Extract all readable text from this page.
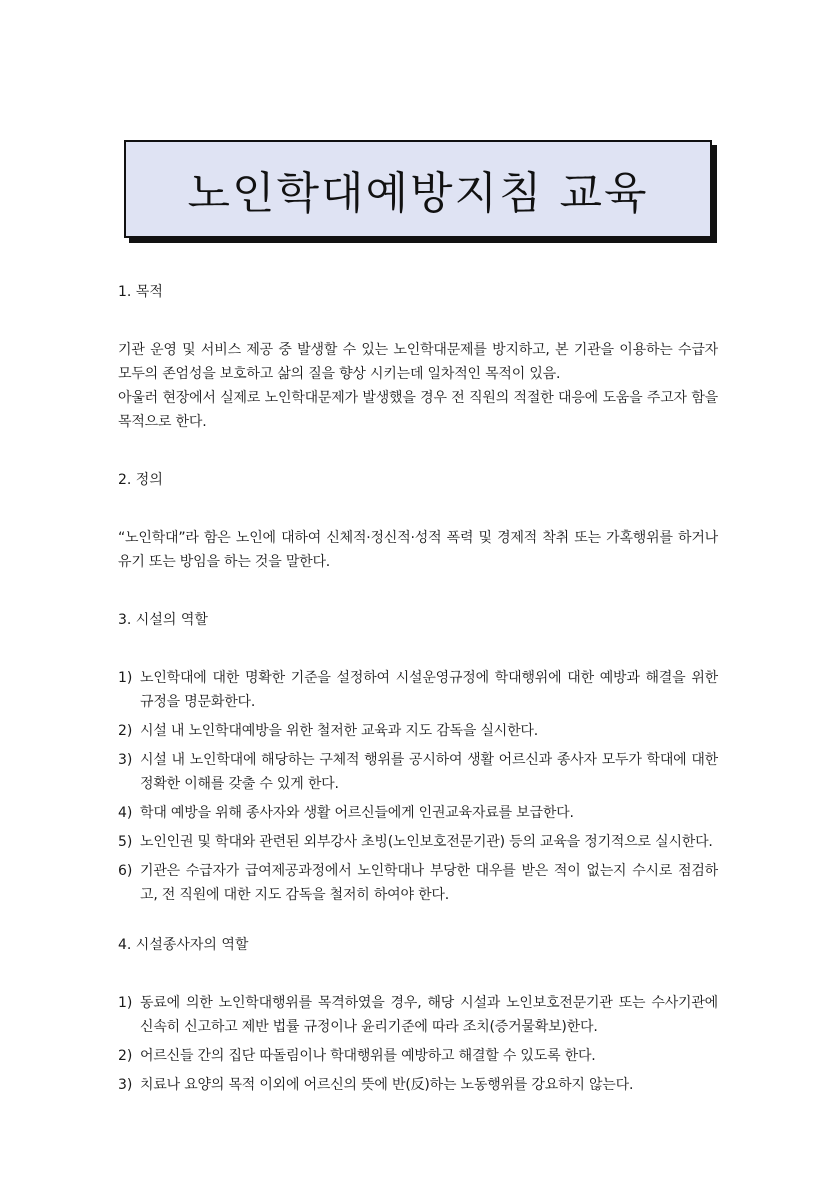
노인학대예방지침 교육

1. 목적

기관 운영 및 서비스 제공 중 발생할 수 있는 노인학대문제를 방지하고, 본 기관을 이용하는 수급자 모두의 존엄성을 보호하고 삶의 질을 향상 시키는데 일차적인 목적이 있음.

아울러 현장에서 실제로 노인학대문제가 발생했을 경우 전 직원의 적절한 대응에 도움을 주고자 함을 목적으로 한다.

2. 정의

“노인학대”라 함은 노인에 대하여 신체적·정신적·성적 폭력 및 경제적 착취 또는 가혹행위를 하거나 유기 또는 방임을 하는 것을 말한다.

3. 시설의 역할

1) 노인학대에 대한 명확한 기준을 설정하여 시설운영규정에 학대행위에 대한 예방과 해결을 위한 규정을 명문화한다.
2) 시설 내 노인학대예방을 위한 철저한 교육과 지도 감독을 실시한다.
3) 시설 내 노인학대에 해당하는 구체적 행위를 공시하여 생활 어르신과 종사자 모두가 학대에 대한 정확한 이해를 갖출 수 있게 한다.
4) 학대 예방을 위해 종사자와 생활 어르신들에게 인권교육자료를 보급한다.
5) 노인인권 및 학대와 관련된 외부강사 초빙(노인보호전문기관) 등의 교육을 정기적으로 실시한다.
6) 기관은 수급자가 급여제공과정에서 노인학대나 부당한 대우를 받은 적이 없는지 수시로 점검하고, 전 직원에 대한 지도 감독을 철저히 하여야 한다.

4. 시설종사자의 역할

1) 동료에 의한 노인학대행위를 목격하였을 경우, 해당 시설과 노인보호전문기관 또는 수사기관에 신속히 신고하고 제반 법률 규정이나 윤리기준에 따라 조치(증거물확보)한다.
2) 어르신들 간의 집단 따돌림이나 학대행위를 예방하고 해결할 수 있도록 한다.
3) 치료나 요양의 목적 이외에 어르신의 뜻에 반(反)하는 노동행위를 강요하지 않는다.
